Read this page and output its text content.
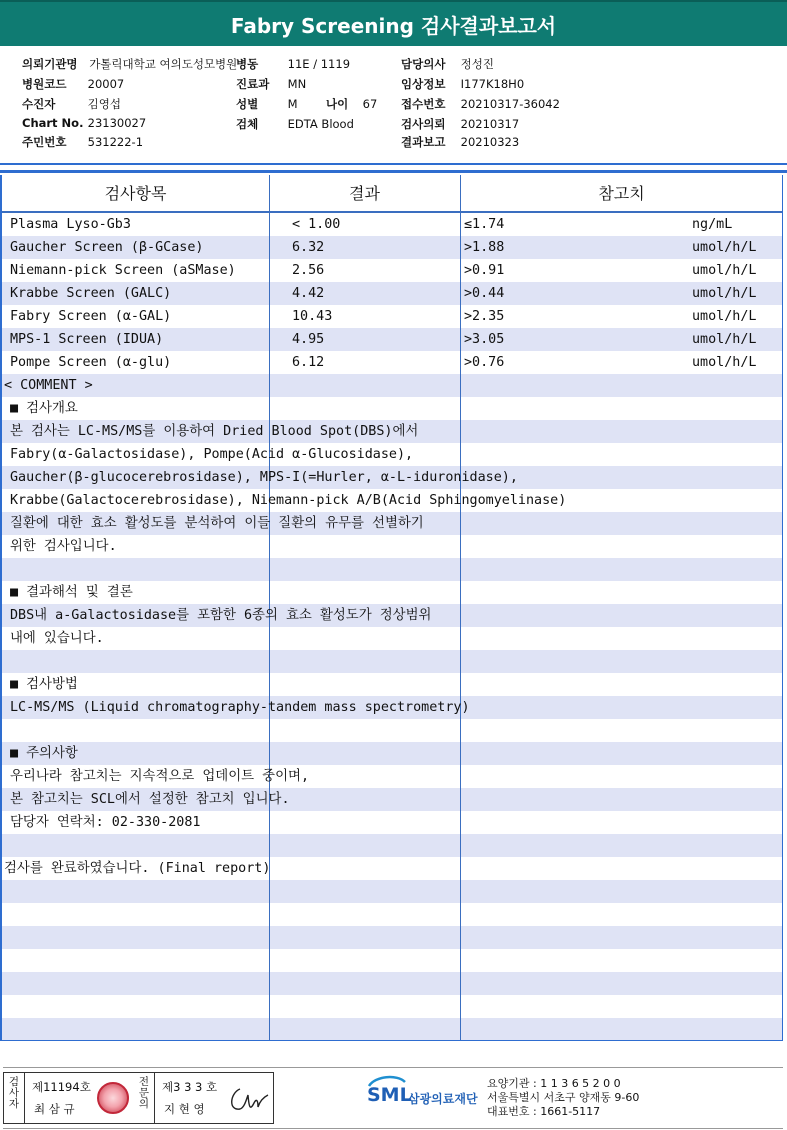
Fabry Screening 검사결과보고서
의뢰기관명 가톨릭대학교 여의도성모병원
병원코드 20007
수진자	김영섭
Chart No. 23130027
주민번호 531222-1
병동	11E / 1119
진료과 MN
성별	M 나이 67
검체	EDTA Blood
담당의사 정성진
임상정보 I177K18H0
접수번호 20210317-36042
검사의뢰 20210317
결과보고 20210323
검사항목	결과	참고치
Plasma Lyso-Gb3	< 1.00	≤1.74	ng/mL
Gaucher Screen (β-GCase)	6.32	>1.88	umol/h/L
Niemann-pick Screen (aSMase)	2.56	>0.91	umol/h/L
Krabbe Screen (GALC)	4.42	>0.44	umol/h/L
Fabry Screen (α-GAL)	10.43	>2.35	umol/h/L
MPS-1 Screen (IDUA)	4.95	>3.05	umol/h/L
Pompe Screen (α-glu)	6.12	>0.76	umol/h/L
< COMMENT >
■ 검사개요
본 검사는 LC-MS/MS를 이용하여 Dried Blood Spot(DBS)에서
Fabry(α-Galactosidase), Pompe(Acid α-Glucosidase),
Gaucher(β-glucocerebrosidase), MPS-I(=Hurler, α-L-iduronidase),
Krabbe(Galactocerebrosidase), Niemann-pick A/B(Acid Sphingomyelinase)
질환에 대한 효소 활성도를 분석하여 이들 질환의 유무를 선별하기
위한 검사입니다.
■ 결과해석 및 결론
DBS내 a-Galactosidase를 포함한 6종의 효소 활성도가 정상범위
내에 있습니다.
■ 검사방법
LC-MS/MS (Liquid chromatography-tandem mass spectrometry)
■ 주의사항
우리나라 참고치는 지속적으로 업데이트 중이며,
본 참고치는 SCL에서 설정한 참고치 입니다.
담당자 연락처: 02-330-2081
검사를 완료하였습니다. (Final report)
검사자
제11194호
최 삼 규
전문의
제3 3 3 호
지 현 영
SML
삼광의료재단
요양기관 : 1 1 3 6 5 2 0 0
서울특별시 서초구 양재동 9-60
대표번호 : 1661-5117
